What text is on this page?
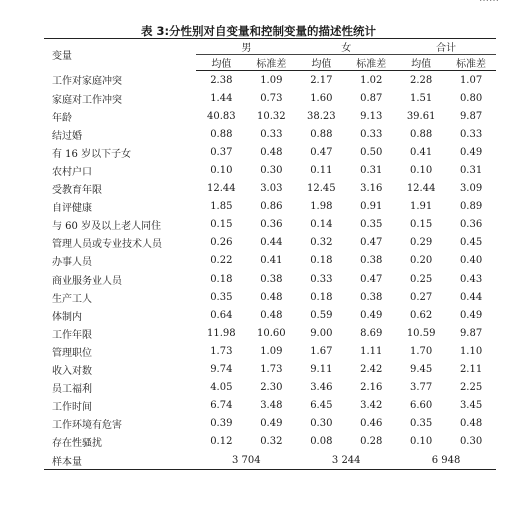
表 3:分性别对自变量和控制变量的描述性统计
变量	男		女		合计	
	均值	标准差	均值	标准差	均值	标准差
工作对家庭冲突	2.38	1.09	2.17	1.02	2.28	1.07
家庭对工作冲突	1.44	0.73	1.60	0.87	1.51	0.80
年龄	40.83	10.32	38.23	9.13	39.61	9.87
结过婚	0.88	0.33	0.88	0.33	0.88	0.33
有 16 岁以下子女	0.37	0.48	0.47	0.50	0.41	0.49
农村户口	0.10	0.30	0.11	0.31	0.10	0.31
受教育年限	12.44	3.03	12.45	3.16	12.44	3.09
自评健康	1.85	0.86	1.98	0.91	1.91	0.89
与 60 岁及以上老人同住	0.15	0.36	0.14	0.35	0.15	0.36
管理人员或专业技术人员	0.26	0.44	0.32	0.47	0.29	0.45
办事人员	0.22	0.41	0.18	0.38	0.20	0.40
商业服务业人员	0.18	0.38	0.33	0.47	0.25	0.43
生产工人	0.35	0.48	0.18	0.38	0.27	0.44
体制内	0.64	0.48	0.59	0.49	0.62	0.49
工作年限	11.98	10.60	9.00	8.69	10.59	9.87
管理职位	1.73	1.09	1.67	1.11	1.70	1.10
收入对数	9.74	1.73	9.11	2.42	9.45	2.11
员工福利	4.05	2.30	3.46	2.16	3.77	2.25
工作时间	6.74	3.48	6.45	3.42	6.60	3.45
工作环境有危害	0.39	0.49	0.30	0.46	0.35	0.48
存在性骚扰	0.12	0.32	0.08	0.28	0.10	0.30
样本量	3 704		3 244		6 948	
